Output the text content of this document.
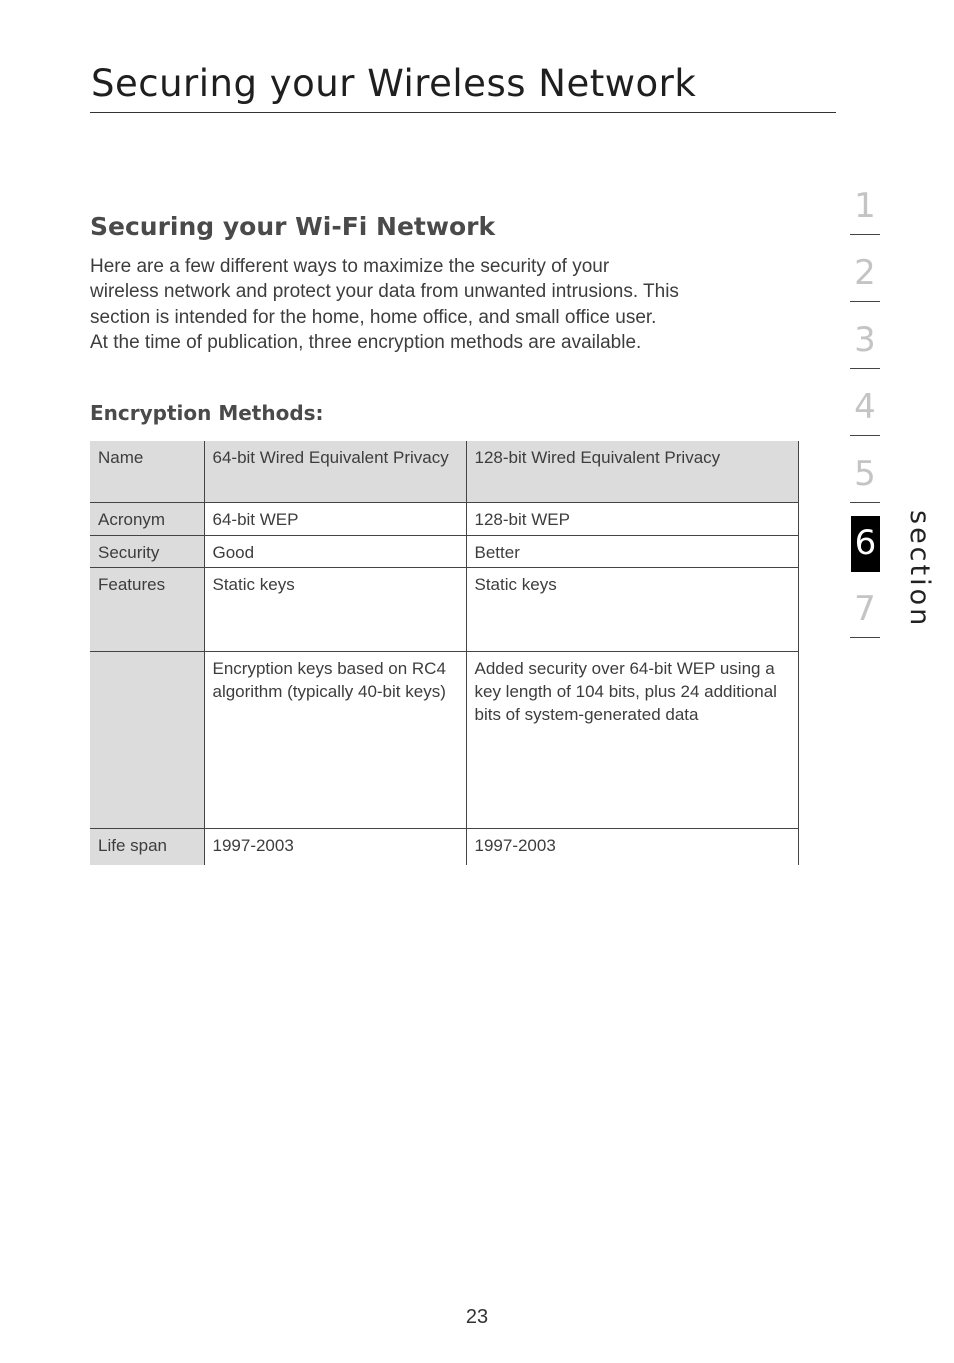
Securing your Wireless Network
Securing your Wi-Fi Network

Here are a few different ways to maximize the security of your
wireless network and protect your data from unwanted intrusions. This
section is intended for the home, home office, and small office user.
At the time of publication, three encryption methods are available.

Encryption Methods:
Name	64-bit Wired Equivalent Privacy	128-bit Wired Equivalent Privacy
Acronym	64-bit WEP	128-bit WEP
Security	Good	Better
Features	Static keys	Static keys
	Encryption keys based on RC4 algorithm (typically 40-bit keys)	Added security over 64-bit WEP using a key length of 104 bits, plus 24 additional bits of system-generated data
Life span	1997-2003	1997-2003
1
2
3
4
5
6
7	section
23
